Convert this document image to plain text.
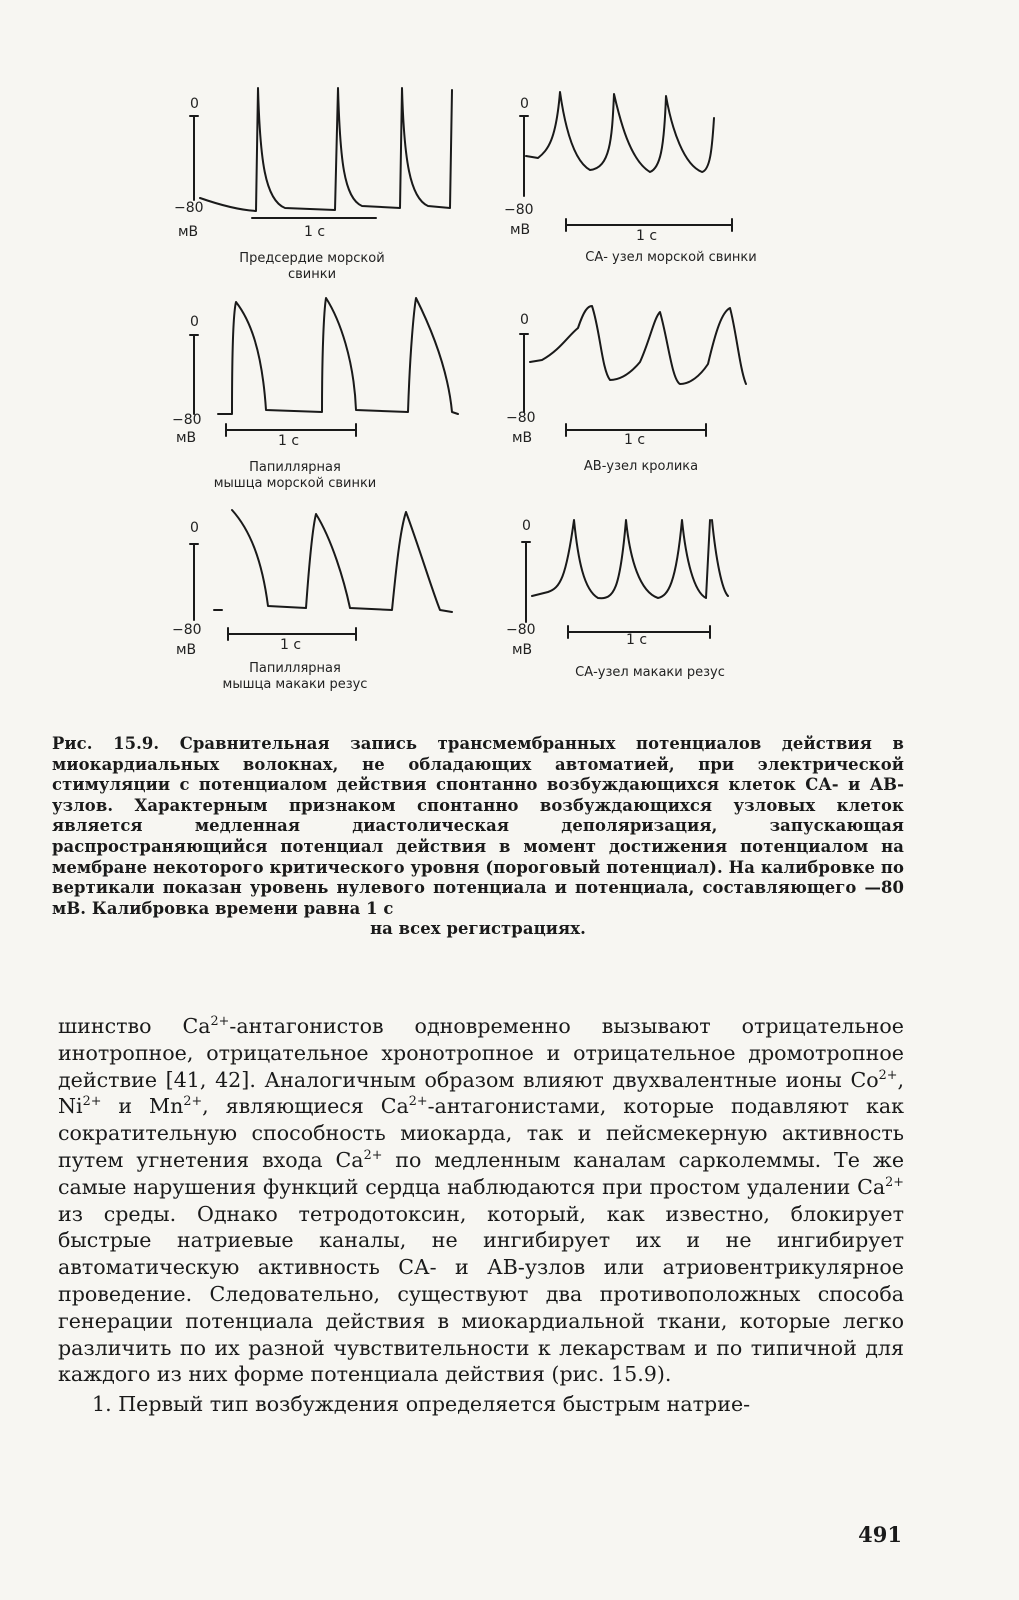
0
−80
мВ	1 с
Предсердие морской
свинки
0
−80
мВ	1 с
СА- узел морской свинки
0
−80
мВ	1 с
Папиллярная
мышца морской свинки
0
−80
мВ	1 с
АВ-узел кролика
0
−80
мВ	1 с
Папиллярная
мышца макаки резус
0
−80
мВ
1 с
СА-узел макаки резус
Рис. 15.9. Сравнительная запись трансмембранных потенциалов действия в миокардиальных волокнах, не обладающих автоматией, при электрической стимуляции с потенциалом действия спонтанно возбуждающихся клеток СА- и АВ-узлов. Характерным признаком спонтанно возбуждающихся узловых клеток является медленная диастолическая деполяризация, запускающая распространяющийся потенциал действия в момент достижения потенциалом на мембране некоторого критического уровня (пороговый потенциал). На калибровке по вертикали показан уровень нулевого потенциала и потенциала, составляющего —80 мВ. Калибровка времени равна 1 с
на всех регистрациях.

шинство $Ca^{2+}$-антагонистов одновременно вызывают отрицательное инотропное, отрицательное хронотропное и отрицательное дромотропное действие [41, 42]. Аналогичным образом влияют двухвалентные ионы $Co^{2+}$, $Ni^{2+}$ и $Mn^{2+}$, являющиеся $Ca^{2+}$-антагонистами, которые подавляют как сократительную способность миокарда, так и пейсмекерную активность путем угнетения входа $Ca^{2+}$ по медленным каналам сарколеммы. Те же самые нарушения функций сердца наблюдаются при простом удалении $Ca^{2+}$ из среды. Однако тетродотоксин, который, как известно, блокирует быстрые натриевые каналы, не ингибирует их и не ингибирует автоматическую активность СА- и АВ-узлов или атриовентрикулярное проведение. Следовательно, существуют два противоположных способа генерации потенциала действия в миокардиальной ткани, которые легко различить по их разной чувствительности к лекарствам и по типичной для каждого из них форме потенциала действия (рис. 15.9).

1. Первый тип возбуждения определяется быстрым натрие-

491
